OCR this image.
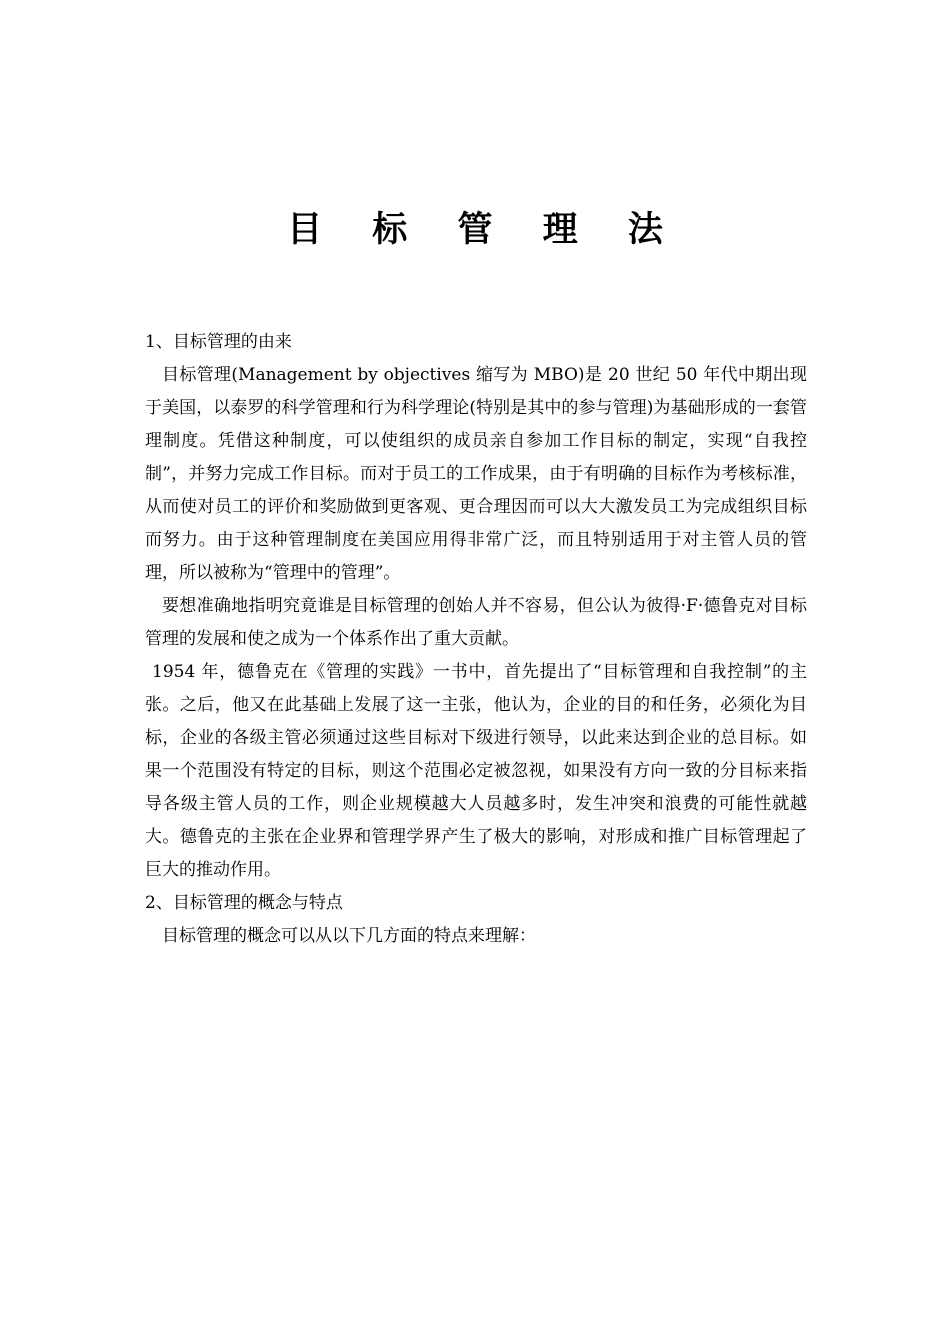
目 标 管 理 法
1、目标管理的由来

目标管理(Management by objectives 缩写为 MBO)是 20 世纪 50 年代中期出现于美国，以泰罗的科学管理和行为科学理论(特别是其中的参与管理)为基础形成的一套管理制度。凭借这种制度，可以使组织的成员亲自参加工作目标的制定，实现“自我控制”，并努力完成工作目标。而对于员工的工作成果，由于有明确的目标作为考核标准，从而使对员工的评价和奖励做到更客观、更合理因而可以大大激发员工为完成组织目标而努力。由于这种管理制度在美国应用得非常广泛，而且特别适用于对主管人员的管理，所以被称为“管理中的管理”。

要想准确地指明究竟谁是目标管理的创始人并不容易，但公认为彼得·F·德鲁克对目标管理的发展和使之成为一个体系作出了重大贡献。

1954 年，德鲁克在《管理的实践》一书中，首先提出了“目标管理和自我控制”的主张。之后，他又在此基础上发展了这一主张，他认为，企业的目的和任务，必须化为目标，企业的各级主管必须通过这些目标对下级进行领导，以此来达到企业的总目标。如果一个范围没有特定的目标，则这个范围必定被忽视，如果没有方向一致的分目标来指导各级主管人员的工作，则企业规模越大人员越多时，发生冲突和浪费的可能性就越大。德鲁克的主张在企业界和管理学界产生了极大的影响，对形成和推广目标管理起了巨大的推动作用。

2、目标管理的概念与特点

目标管理的概念可以从以下几方面的特点来理解：
